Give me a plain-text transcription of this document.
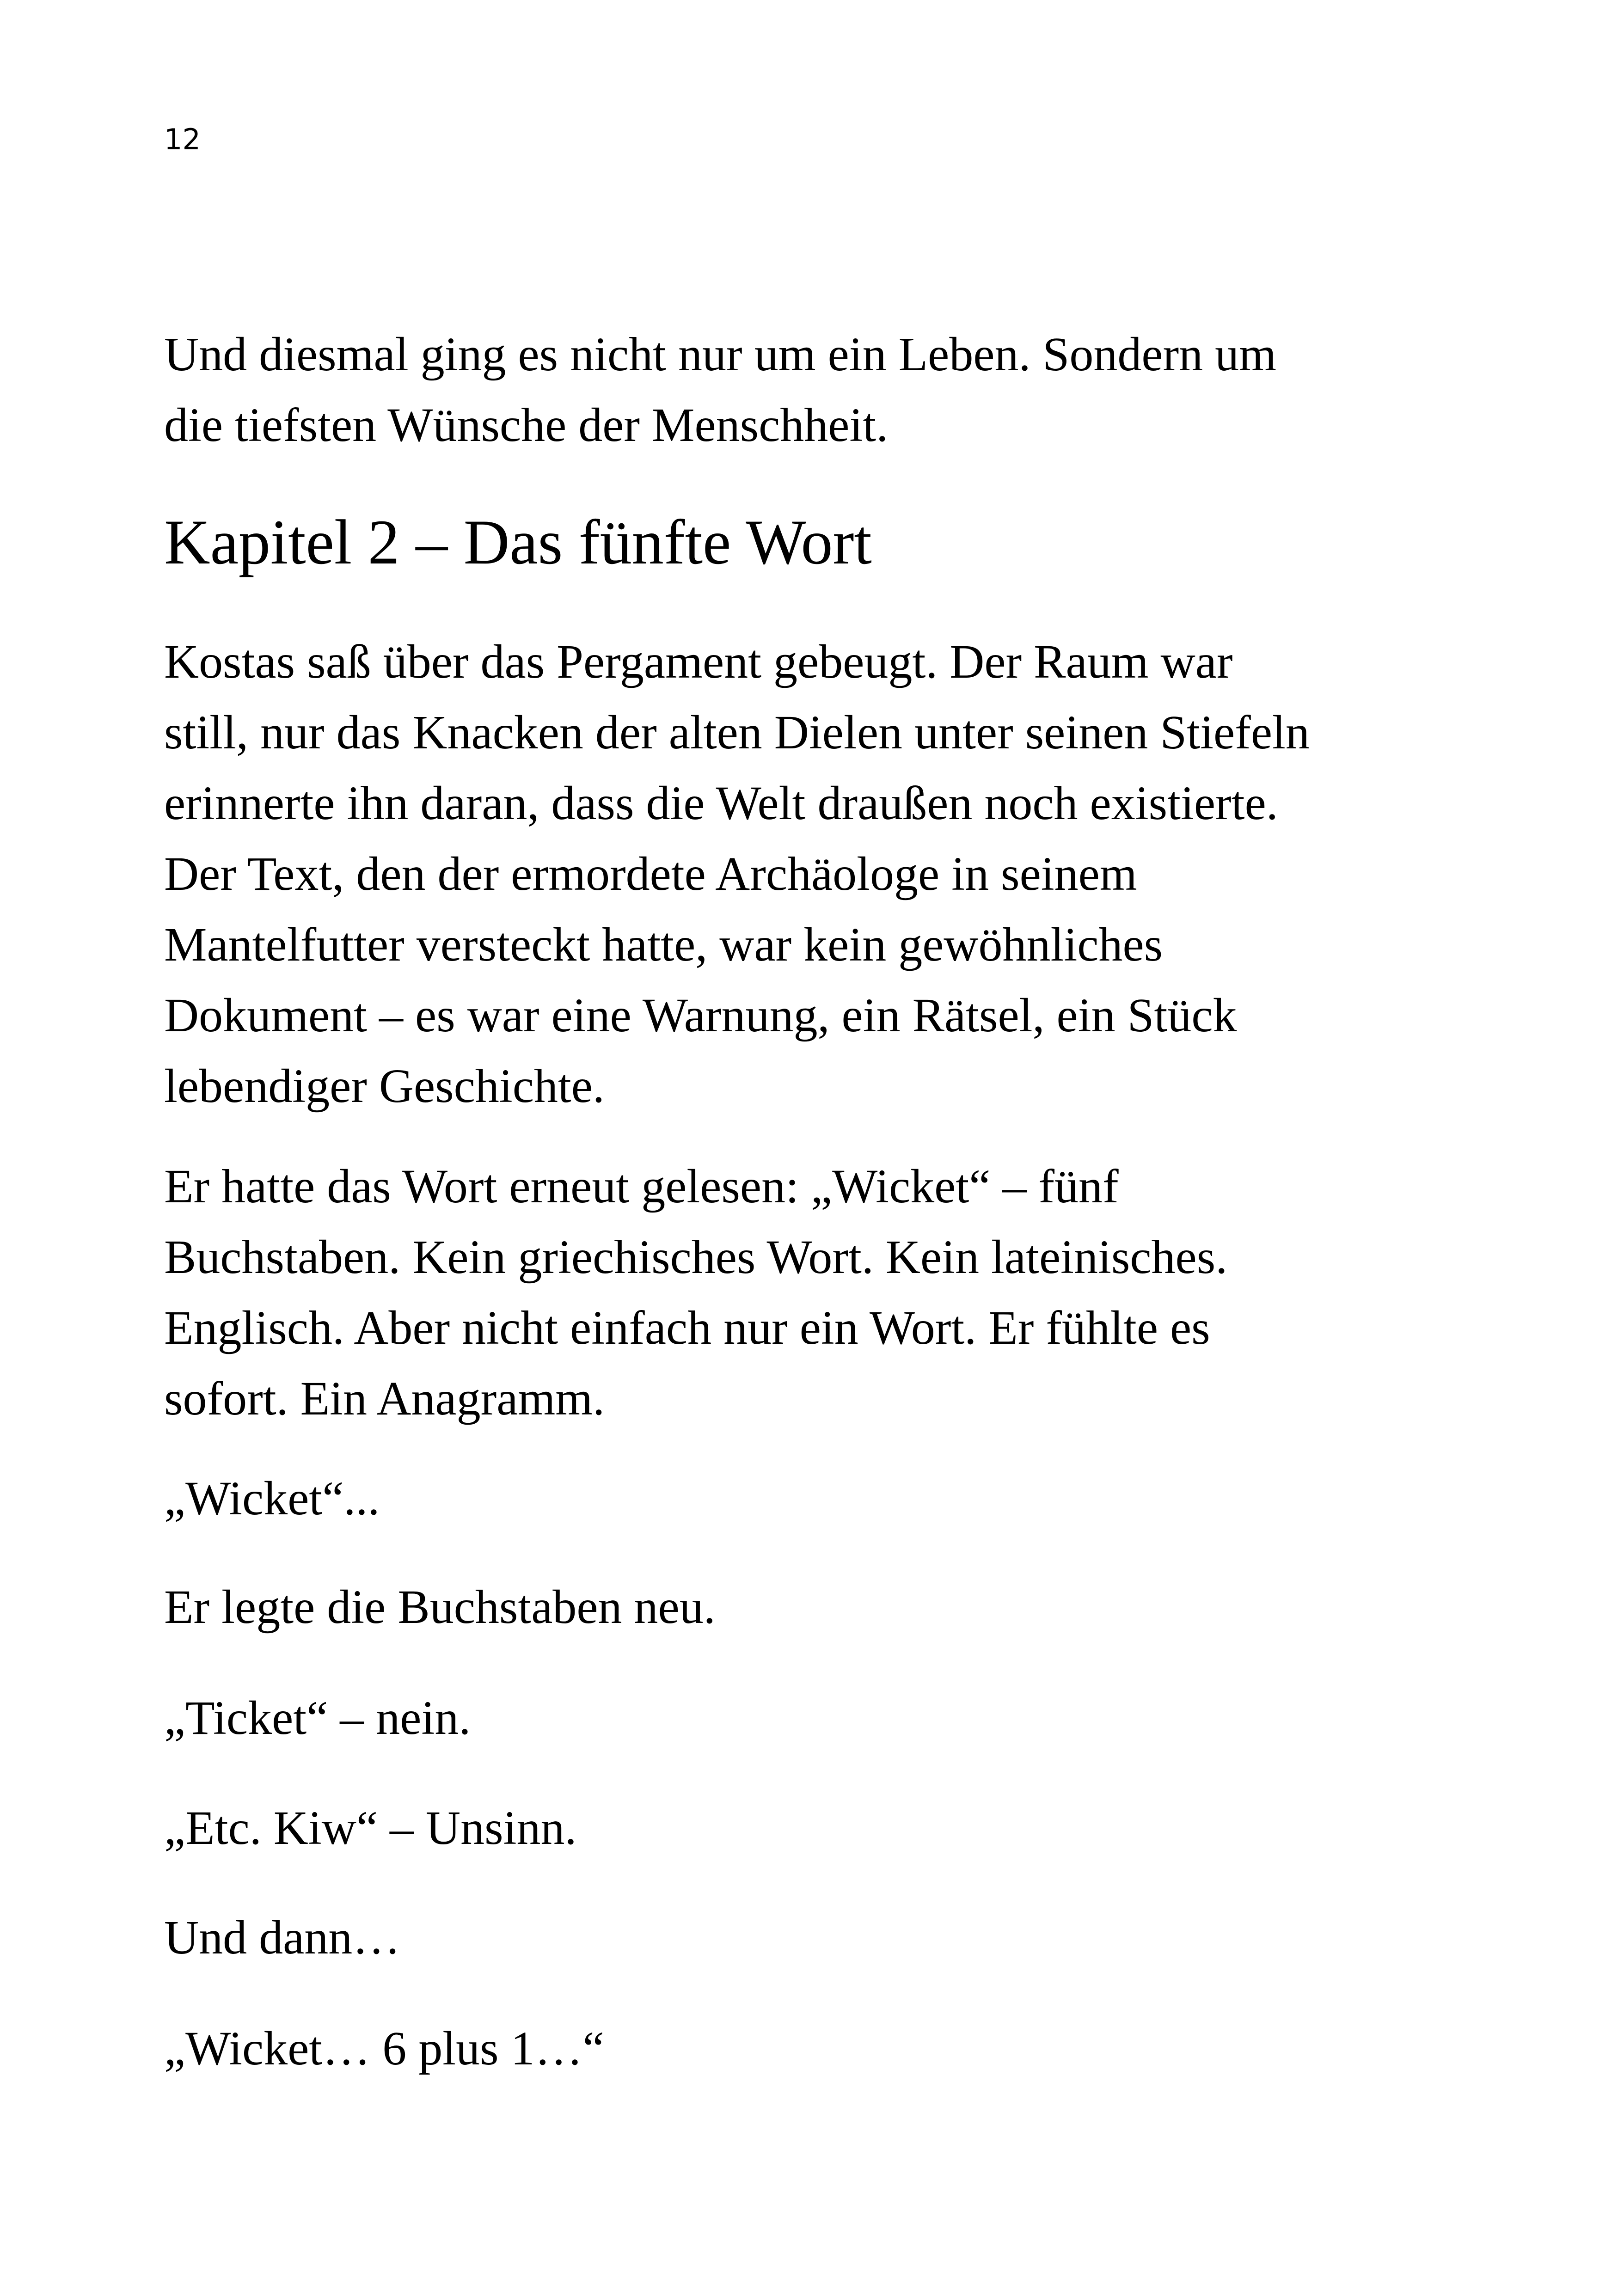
12
Und diesmal ging es nicht nur um ein Leben. Sondern um
die tiefsten Wünsche der Menschheit.
Kapitel 2 – Das fünfte Wort
Kostas saß über das Pergament gebeugt. Der Raum war
still, nur das Knacken der alten Dielen unter seinen Stiefeln
erinnerte ihn daran, dass die Welt draußen noch existierte.
Der Text, den der ermordete Archäologe in seinem
Mantelfutter versteckt hatte, war kein gewöhnliches
Dokument – es war eine Warnung, ein Rätsel, ein Stück
lebendiger Geschichte.
Er hatte das Wort erneut gelesen: „Wicket“ – fünf
Buchstaben. Kein griechisches Wort. Kein lateinisches.
Englisch. Aber nicht einfach nur ein Wort. Er fühlte es
sofort. Ein Anagramm.
„Wicket“...
Er legte die Buchstaben neu.
„Ticket“ – nein.
„Etc. Kiw“ – Unsinn.
Und dann…
„Wicket… 6 plus 1…“
